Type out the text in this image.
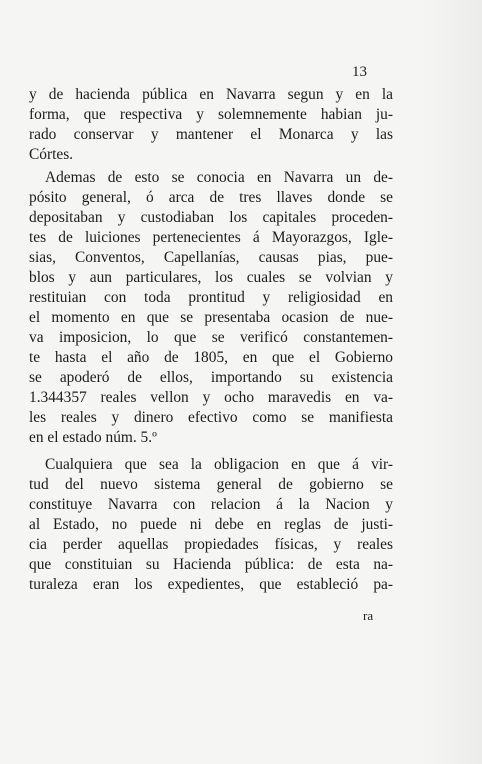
13
y de hacienda pública en Navarra segun y en la
forma, que respectiva y solemnemente habian ju-
rado conservar y mantener el Monarca y las
Córtes.
Ademas de esto se conocia en Navarra un de-
pósito general, ó arca de tres llaves donde se
depositaban y custodiaban los capitales proceden-
tes de luiciones pertenecientes á Mayorazgos, Igle-
sias, Conventos, Capellanías, causas pias, pue-
blos y aun particulares, los cuales se volvian y
restituian con toda prontitud y religiosidad en
el momento en que se presentaba ocasion de nue-
va imposicion, lo que se verificó constantemen-
te hasta el año de 1805, en que el Gobierno
se apoderó de ellos, importando su existencia
1.344357 reales vellon y ocho maravedis en va-
les reales y dinero efectivo como se manifiesta
en el estado núm. 5.º
Cualquiera que sea la obligacion en que á vir-
tud del nuevo sistema general de gobierno se
constituye Navarra con relacion á la Nacion y
al Estado, no puede ni debe en reglas de justi-
cia perder aquellas propiedades físicas, y reales
que constituian su Hacienda pública: de esta na-
turaleza eran los expedientes, que estableció pa-
ra
